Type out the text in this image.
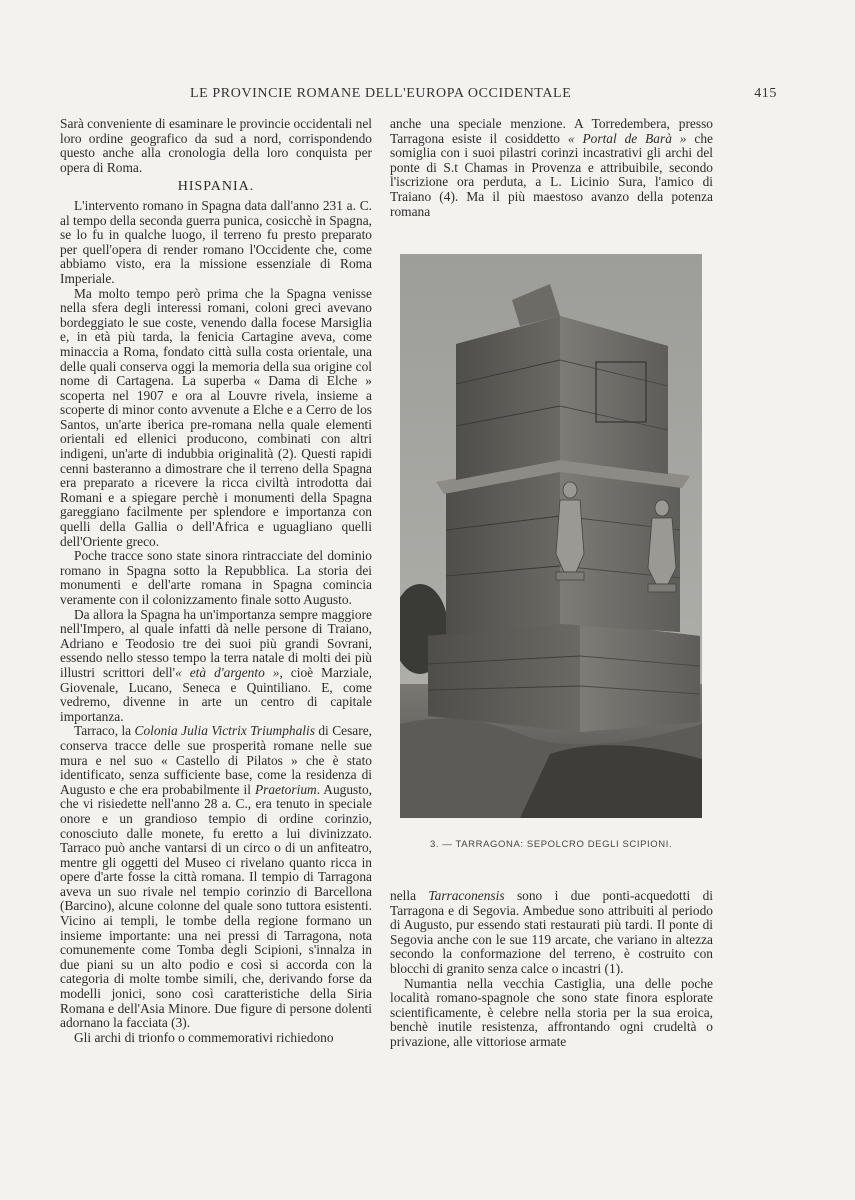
LE PROVINCIE ROMANE DELL'EUROPA OCCIDENTALE	415

Sarà conveniente di esaminare le provincie occidentali nel loro ordine geografico da sud a nord, corrispondendo questo anche alla cronologia della loro conquista per opera di Roma.

HISPANIA.

L'intervento romano in Spagna data dall'anno 231 a. C. al tempo della seconda guerra punica, cosicchè in Spagna, se lo fu in qualche luogo, il terreno fu presto preparato per quell'opera di render romano l'Occidente che, come abbiamo visto, era la missione essenziale di Roma Imperiale.

Ma molto tempo però prima che la Spagna venisse nella sfera degli interessi romani, coloni greci avevano bordeggiato le sue coste, venendo dalla focese Marsiglia e, in età più tarda, la fenicia Cartagine aveva, come minaccia a Roma, fondato città sulla costa orientale, una delle quali conserva oggi la memoria della sua origine col nome di Cartagena. La superba « Dama di Elche » scoperta nel 1907 e ora al Louvre rivela, insieme a scoperte di minor conto avvenute a Elche e a Cerro de los Santos, un'arte iberica pre-romana nella quale elementi orientali ed ellenici producono, combinati con altri indigeni, un'arte di indubbia originalità (2). Questi rapidi cenni basteranno a dimostrare che il terreno della Spagna era preparato a ricevere la ricca civiltà introdotta dai Romani e a spiegare perchè i monumenti della Spagna gareggiano facilmente per splendore e importanza con quelli della Gallia o dell'Africa e uguagliano quelli dell'Oriente greco.

Poche tracce sono state sinora rintracciate del dominio romano in Spagna sotto la Repubblica. La storia dei monumenti e dell'arte romana in Spagna comincia veramente con il colonizzamento finale sotto Augusto.

Da allora la Spagna ha un'importanza sempre maggiore nell'Impero, al quale infatti dà nelle persone di Traiano, Adriano e Teodosio tre dei suoi più grandi Sovrani, essendo nello stesso tempo la terra natale di molti dei più illustri scrittori dell'« età d'argento », cioè Marziale, Giovenale, Lucano, Seneca e Quintiliano. E, come vedremo, divenne in arte un centro di capitale importanza.

Tarraco, la Colonia Julia Victrix Triumphalis di Cesare, conserva tracce delle sue prosperità romane nelle sue mura e nel suo « Castello di Pilatos » che è stato identificato, senza sufficiente base, come la residenza di Augusto e che era probabilmente il Praetorium. Augusto, che vi risiedette nell'anno 28 a. C., era tenuto in speciale onore e un grandioso tempio di ordine corinzio, conosciuto dalle monete, fu eretto a lui divinizzato. Tarraco può anche vantarsi di un circo o di un anfiteatro, mentre gli oggetti del Museo ci rivelano quanto ricca in opere d'arte fosse la città romana. Il tempio di Tarragona aveva un suo rivale nel tempio corinzio di Barcellona (Barcino), alcune colonne del quale sono tuttora esistenti. Vicino ai templi, le tombe della regione formano un insieme importante: una nei pressi di Tarragona, nota comunemente come Tomba degli Scipioni, s'innalza in due piani su un alto podio e così si accorda con la categoria di molte tombe simili, che, derivando forse da modelli jonici, sono così caratteristiche della Siria Romana e dell'Asia Minore. Due figure di persone dolenti adornano la facciata (3).

Gli archi di trionfo o commemorativi richiedono

anche una speciale menzione. A Torredembera, presso Tarragona esiste il cosiddetto « Portal de Barà » che somiglia con i suoi pilastri corinzi incastrativi gli archi del ponte di S.t Chamas in Provenza e attribuibile, secondo l'iscrizione ora perduta, a L. Licinio Sura, l'amico di Traiano (4). Ma il più maestoso avanzo della potenza romana

3. — TARRAGONA: SEPOLCRO DEGLI SCIPIONI.

nella Tarraconensis sono i due ponti-acquedotti di Tarragona e di Segovia. Ambedue sono attribuiti al periodo di Augusto, pur essendo stati restaurati più tardi. Il ponte di Segovia anche con le sue 119 arcate, che variano in altezza secondo la conformazione del terreno, è costruito con blocchi di granito senza calce o incastri (1).

Numantia nella vecchia Castiglia, una delle poche località romano-spagnole che sono state finora esplorate scientificamente, è celebre nella storia per la sua eroica, benchè inutile resistenza, affrontando ogni crudeltà o privazione, alle vittoriose armate
